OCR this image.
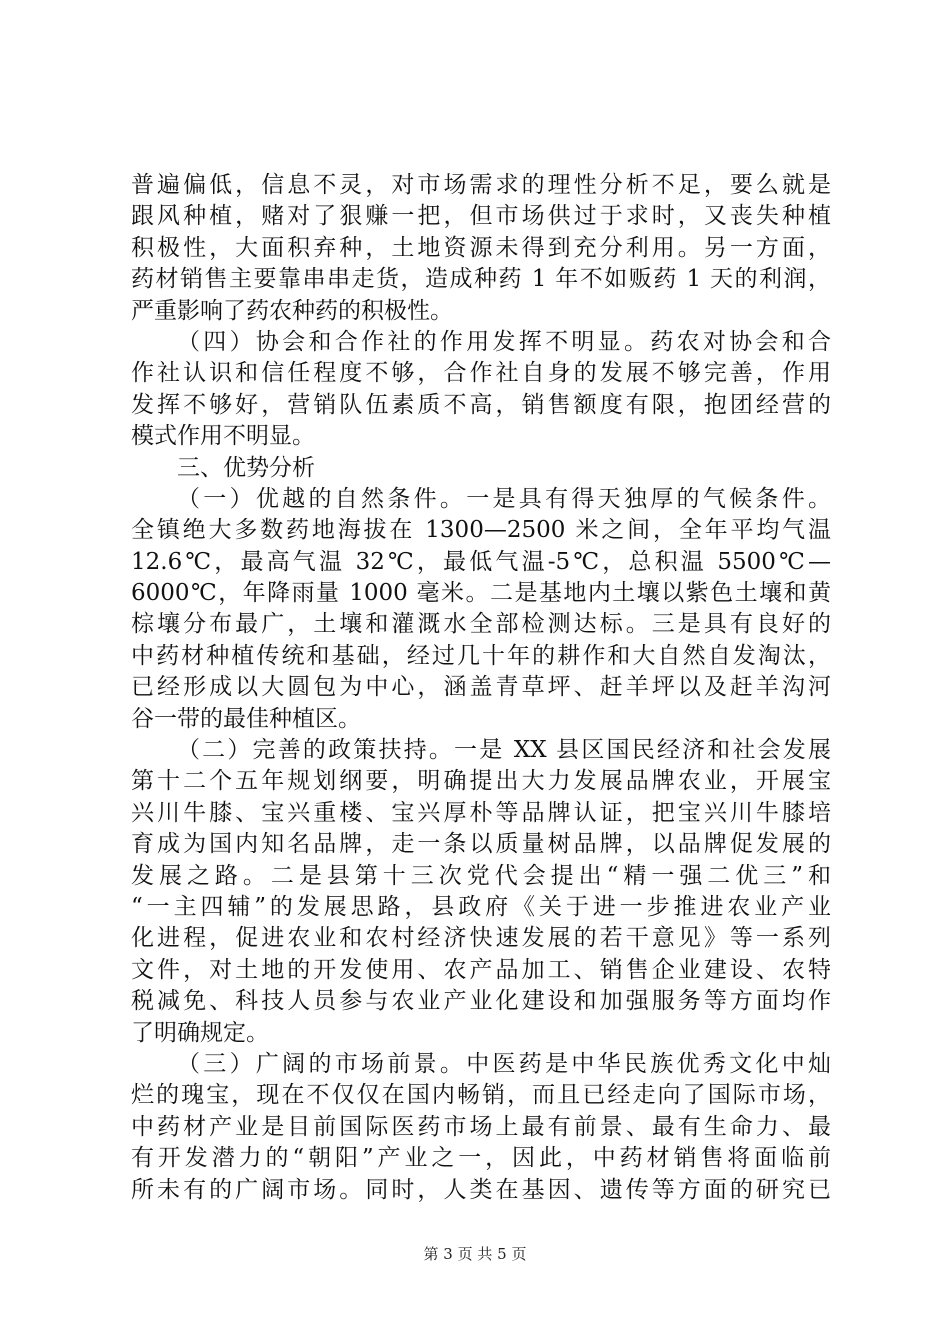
普遍偏低，信息不灵，对市场需求的理性分析不足，要么就是
跟风种植，赌对了狠赚一把，但市场供过于求时，又丧失种植
积极性，大面积弃种，土地资源未得到充分利用。另一方面，
药材销售主要靠串串走货，造成种药 1 年不如贩药 1 天的利润，
严重影响了药农种药的积极性。
（四）协会和合作社的作用发挥不明显。药农对协会和合
作社认识和信任程度不够，合作社自身的发展不够完善，作用
发挥不够好，营销队伍素质不高，销售额度有限，抱团经营的
模式作用不明显。
三、优势分析
（一）优越的自然条件。一是具有得天独厚的气候条件。
全镇绝大多数药地海拔在 1300—2500 米之间，全年平均气温
12.6℃，最高气温 32℃，最低气温-5℃，总积温 5500℃—
6000℃，年降雨量 1000 毫米。二是基地内土壤以紫色土壤和黄
棕壤分布最广，土壤和灌溉水全部检测达标。三是具有良好的
中药材种植传统和基础，经过几十年的耕作和大自然自发淘汰，
已经形成以大圆包为中心，涵盖青草坪、赶羊坪以及赶羊沟河
谷一带的最佳种植区。
（二）完善的政策扶持。一是 XX 县区国民经济和社会发展
第十二个五年规划纲要，明确提出大力发展品牌农业，开展宝
兴川牛膝、宝兴重楼、宝兴厚朴等品牌认证，把宝兴川牛膝培
育成为国内知名品牌，走一条以质量树品牌，以品牌促发展的
发展之路。二是县第十三次党代会提出“精一强二优三”和
“一主四辅”的发展思路，县政府《关于进一步推进农业产业
化进程，促进农业和农村经济快速发展的若干意见》等一系列
文件，对土地的开发使用、农产品加工、销售企业建设、农特
税减免、科技人员参与农业产业化建设和加强服务等方面均作
了明确规定。
（三）广阔的市场前景。中医药是中华民族优秀文化中灿
烂的瑰宝，现在不仅仅在国内畅销，而且已经走向了国际市场，
中药材产业是目前国际医药市场上最有前景、最有生命力、最
有开发潜力的“朝阳”产业之一，因此，中药材销售将面临前
所未有的广阔市场。同时，人类在基因、遗传等方面的研究已
第 3 页 共 5 页
